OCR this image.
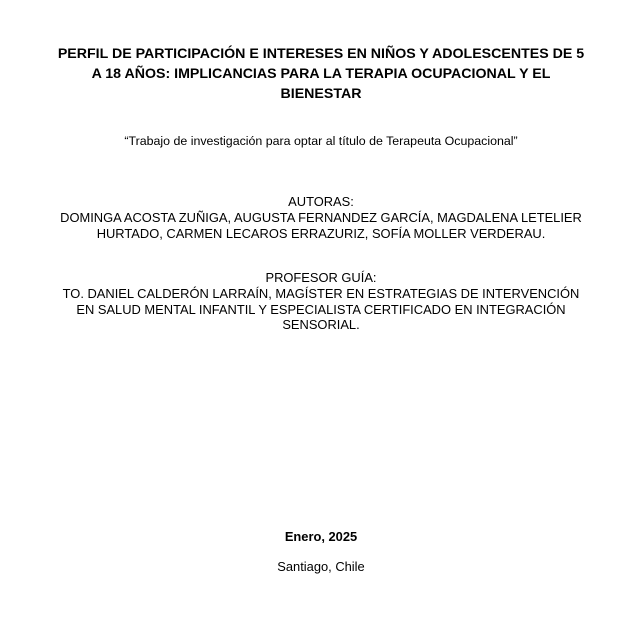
PERFIL DE PARTICIPACIÓN E INTERESES EN NIÑOS Y ADOLESCENTES DE 5
A 18 AÑOS: IMPLICANCIAS PARA LA TERAPIA OCUPACIONAL Y EL
BIENESTAR

“Trabajo de investigación para optar al título de Terapeuta Ocupacional”

AUTORAS:
DOMINGA ACOSTA ZUÑIGA, AUGUSTA FERNANDEZ GARCÍA, MAGDALENA LETELIER
HURTADO, CARMEN LECAROS ERRAZURIZ, SOFÍA MOLLER VERDERAU.
PROFESOR GUÍA:
TO. DANIEL CALDERÓN LARRAÍN, MAGÍSTER EN ESTRATEGIAS DE INTERVENCIÓN
EN SALUD MENTAL INFANTIL Y ESPECIALISTA CERTIFICADO EN INTEGRACIÓN
SENSORIAL.

Enero, 2025

Santiago, Chile
